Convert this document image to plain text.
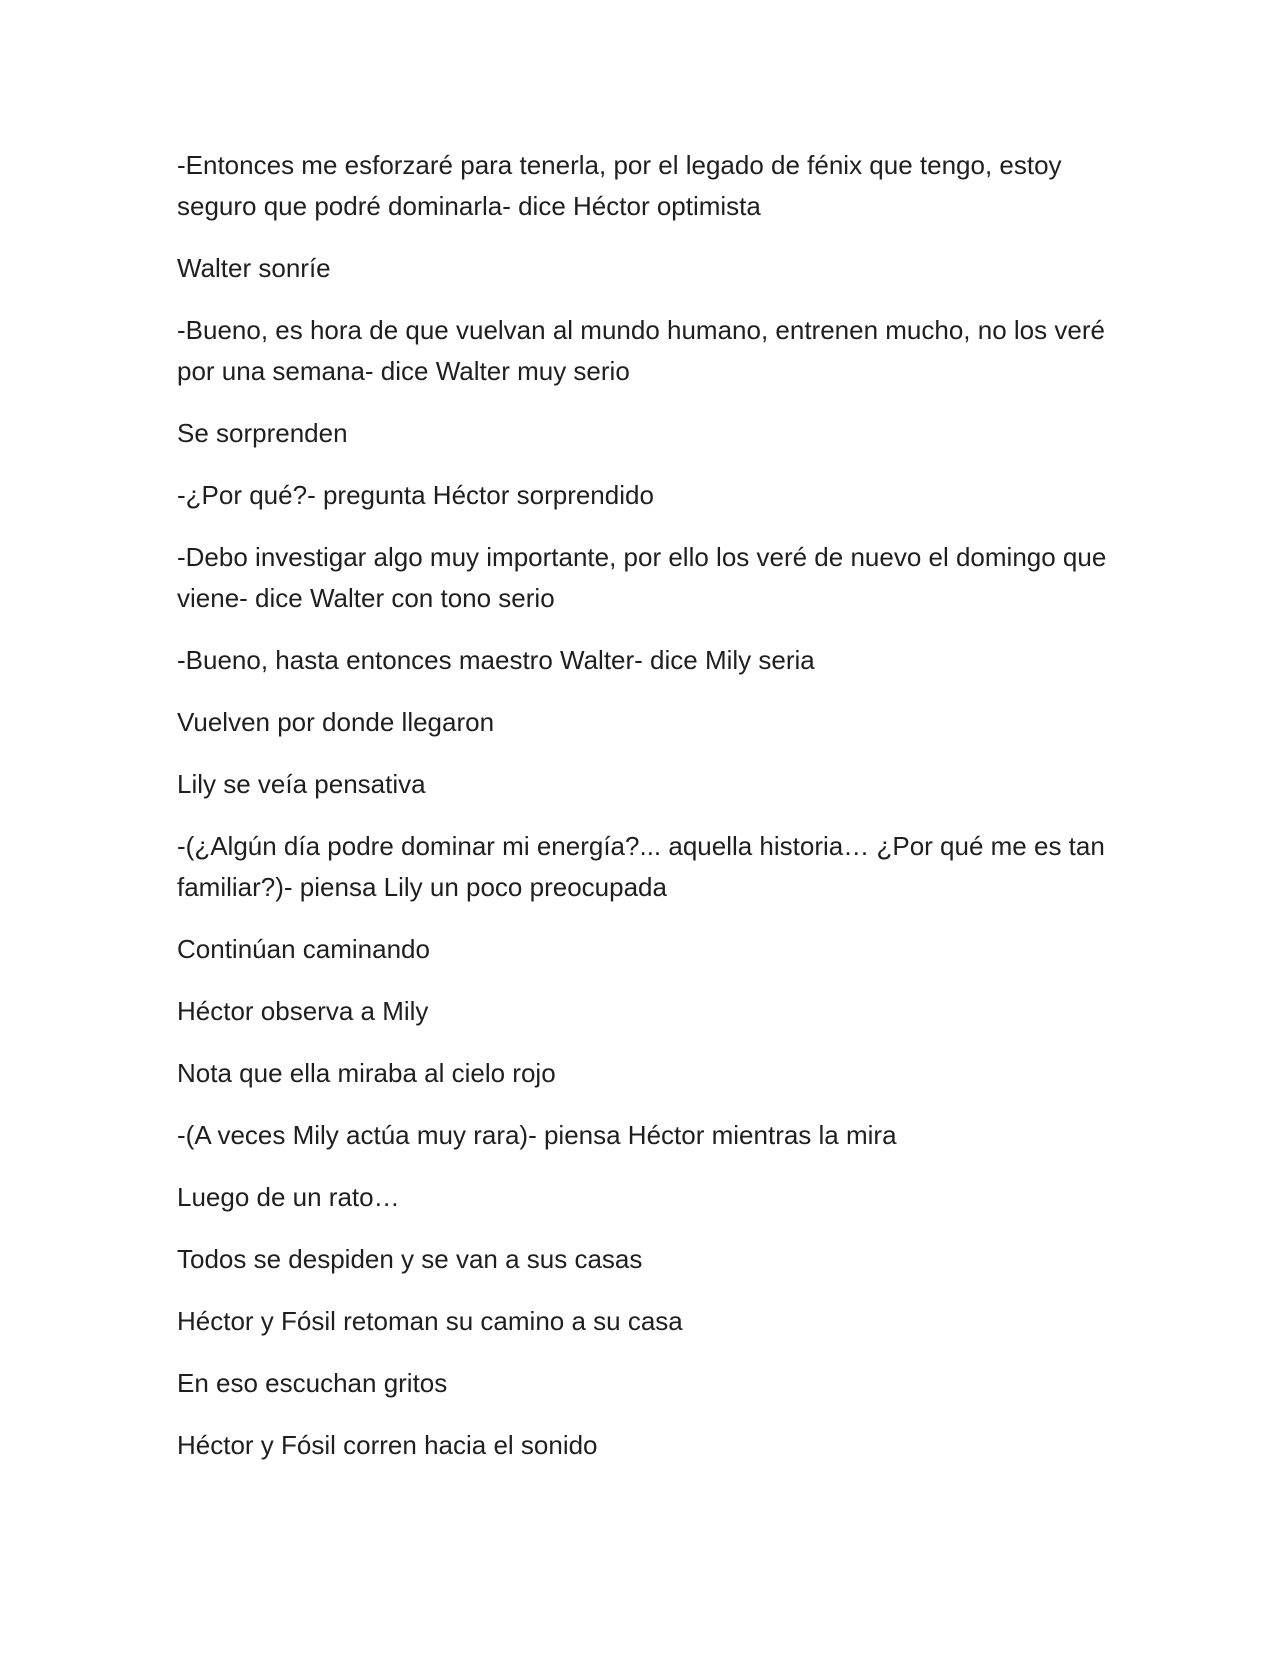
-Entonces me esforzaré para tenerla, por el legado de fénix que tengo, estoy seguro que podré dominarla- dice Héctor optimista

Walter sonríe

-Bueno, es hora de que vuelvan al mundo humano, entrenen mucho, no los veré por una semana- dice Walter muy serio

Se sorprenden

-¿Por qué?- pregunta Héctor sorprendido

-Debo investigar algo muy importante, por ello los veré de nuevo el domingo que viene- dice Walter con tono serio

-Bueno, hasta entonces maestro Walter- dice Mily seria

Vuelven por donde llegaron

Lily se veía pensativa

-(¿Algún día podre dominar mi energía?... aquella historia… ¿Por qué me es tan familiar?)- piensa Lily un poco preocupada

Continúan caminando

Héctor observa a Mily

Nota que ella miraba al cielo rojo

-(A veces Mily actúa muy rara)- piensa Héctor mientras la mira

Luego de un rato…

Todos se despiden y se van a sus casas

Héctor y Fósil retoman su camino a su casa

En eso escuchan gritos

Héctor y Fósil corren hacia el sonido
